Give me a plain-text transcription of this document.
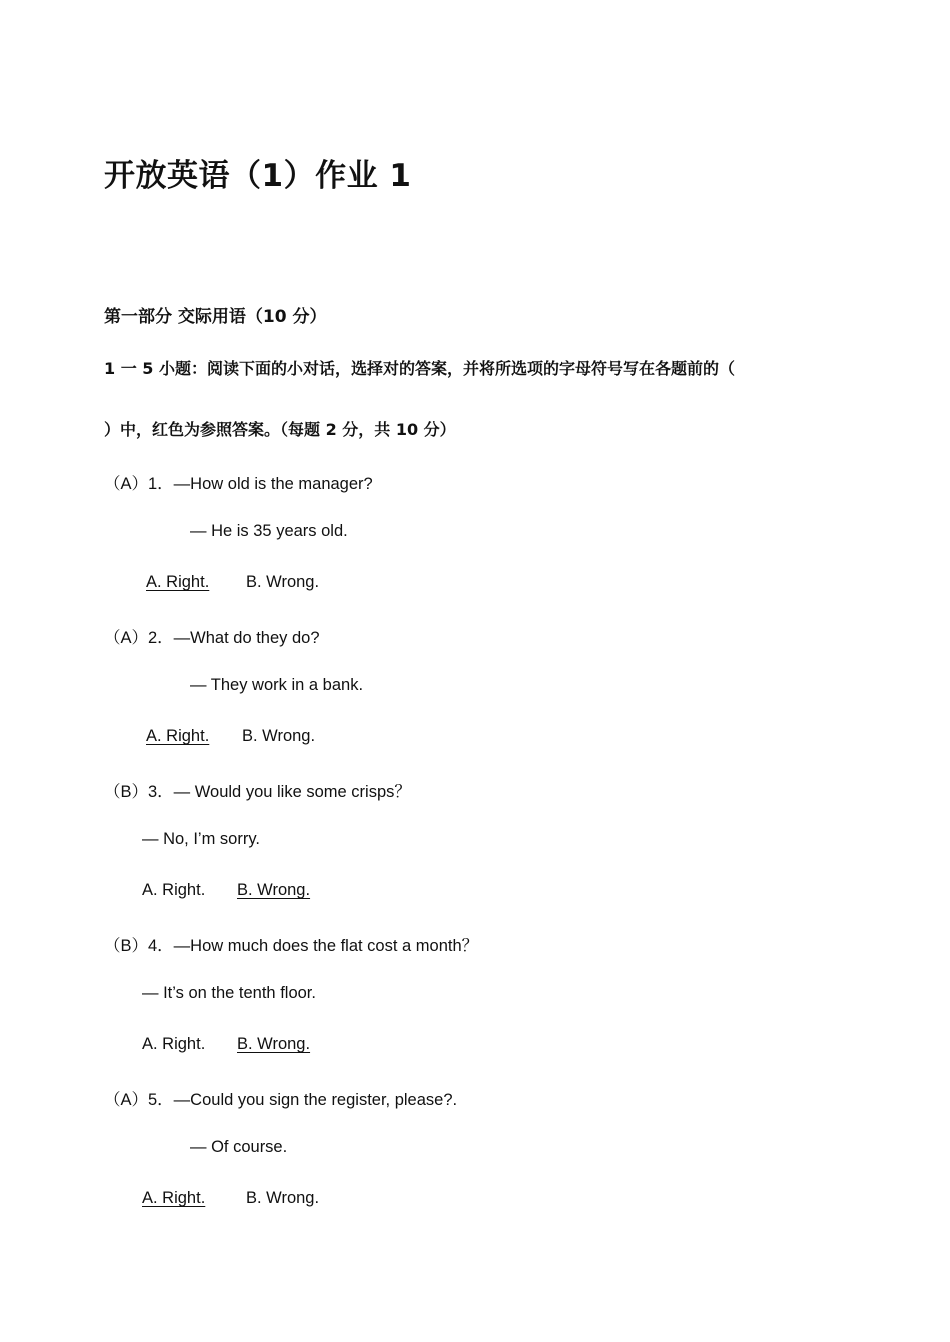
开放英语（1）作业 1
第一部分 交际用语（10 分）
1 一 5 小题：阅读下面的小对话，选择对的答案，并将所选项的字母符号写在各题前的（
）中，红色为参照答案。（每题 2 分，共 10 分）
（A）1．—How old is the manager?
— He is 35 years old.
A. Right. B. Wrong.
（A）2．—What do they do?
— They work in a bank.
A. Right. B. Wrong.
（B）3．— Would you like some crisps？
— No, I’m sorry.
A. Right. B. Wrong.
（B）4．—How much does the flat cost a month？
— It’s on the tenth floor.
A. Right. B. Wrong.
（A）5．—Could you sign the register, please?.
— Of course.
A. Right. B. Wrong.
